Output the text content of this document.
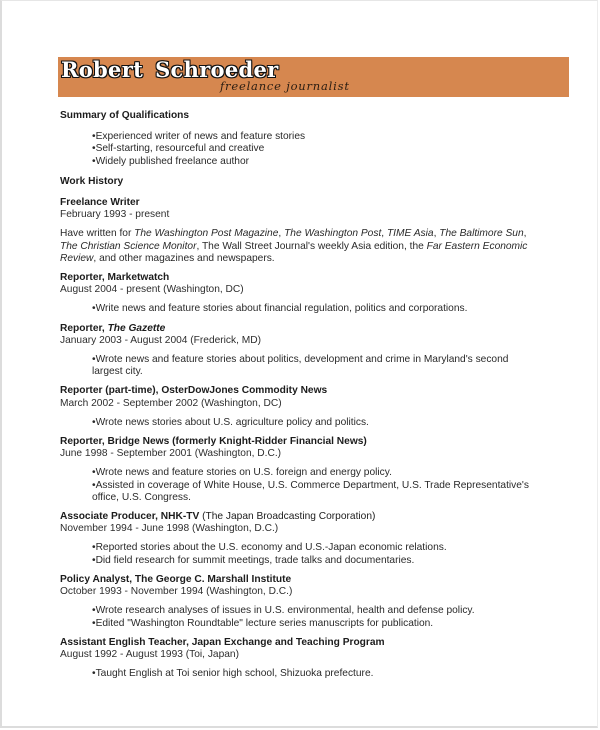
Robert Schroeder
freelance journalist
Summary of Qualifications
•Experienced writer of news and feature stories
•Self-starting, resourceful and creative
•Widely published freelance author
Work History
Freelance Writer
February 1993 - present
Have written for The Washington Post Magazine, The Washington Post, TIME Asia, The Baltimore Sun, The Christian Science Monitor, The Wall Street Journal's weekly Asia edition, the Far Eastern Economic Review, and other magazines and newspapers.
Reporter, Marketwatch
August 2004 - present (Washington, DC)
•Write news and feature stories about financial regulation, politics and corporations.
Reporter, The Gazette
January 2003 - August 2004 (Frederick, MD)
•Wrote news and feature stories about politics, development and crime in Maryland's second largest city.
Reporter (part-time), OsterDowJones Commodity News
March 2002 - September 2002 (Washington, DC)
•Wrote news stories about U.S. agriculture policy and politics.
Reporter, Bridge News (formerly Knight-Ridder Financial News)
June 1998 - September 2001 (Washington, D.C.)
•Wrote news and feature stories on U.S. foreign and energy policy.
•Assisted in coverage of White House, U.S. Commerce Department, U.S. Trade Representative's office, U.S. Congress.
Associate Producer, NHK-TV (The Japan Broadcasting Corporation)
November 1994 - June 1998 (Washington, D.C.)
•Reported stories about the U.S. economy and U.S.-Japan economic relations.
•Did field research for summit meetings, trade talks and documentaries.
Policy Analyst, The George C. Marshall Institute
October 1993 - November 1994 (Washington, D.C.)
•Wrote research analyses of issues in U.S. environmental, health and defense policy.
•Edited "Washington Roundtable" lecture series manuscripts for publication.
Assistant English Teacher, Japan Exchange and Teaching Program
August 1992 - August 1993 (Toi, Japan)
•Taught English at Toi senior high school, Shizuoka prefecture.
